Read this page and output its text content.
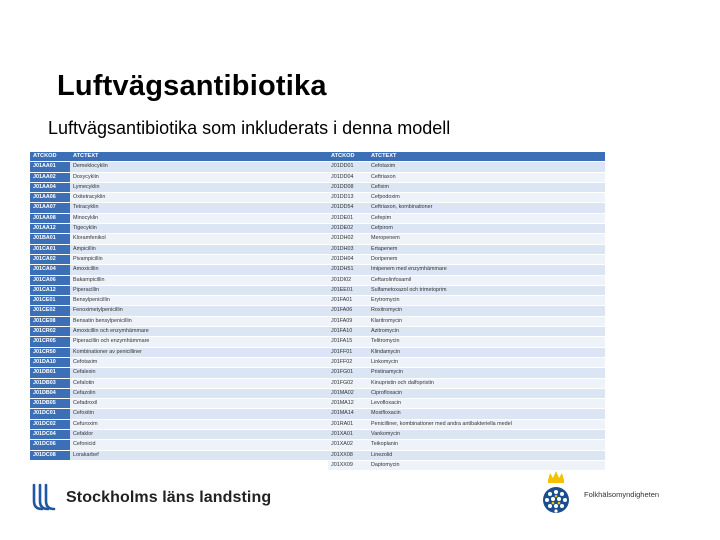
Luftvägsantibiotika

Luftvägsantibiotika som inkluderats i denna modell

ATCKOD	ATCTEXT
J01AA01	Demeklocyklin
J01AA02	Doxycyklin
J01AA04	Lymecyklin
J01AA06	Oxitetracyklin
J01AA07	Tetracyklin
J01AA08	Minocyklin
J01AA12	Tigecyklin
J01BA01	Kloramfenikol
J01CA01	Ampicillin
J01CA02	Pivampicillin
J01CA04	Amoxicillin
J01CA06	Bakampicillin
J01CA12	Piperacillin
J01CE01	Bensylpenicillin
J01CE02	Fenoximetylpenicillin
J01CE08	Bensatin bensylpenicillin
J01CR02	Amoxicillin och enzymhämmare
J01CR05	Piperacillin och enzymhämmare
J01CR50	Kombinationer av penicilliner
J01DA10	Cefotaxim
J01DB01	Cefalexin
J01DB03	Cefalotin
J01DB04	Cefazolin
J01DB05	Cefadroxil
J01DC01	Cefoxitin
J01DC02	Cefuroxim
J01DC04	Cefaklor
J01DC06	Cefonicid
J01DC08	Lorakarbef
ATCKOD	ATCTEXT
J01DD01	Cefotaxim
J01DD04	Ceftriaxon
J01DD08	Cefixim
J01DD13	Cefpodoxim
J01DD54	Ceftriaxon, kombinationer
J01DE01	Cefepim
J01DE02	Cefpirom
J01DH02	Meropenem
J01DH03	Ertapenem
J01DH04	Doripenem
J01DH51	Imipenem med enzymhämmare
J01DI02	Ceftarolinfosamil
J01EE01	Sulfametoxazol och trimetoprim
J01FA01	Erytromycin
J01FA06	Roxitromycin
J01FA09	Klaritromycin
J01FA10	Azitromycin
J01FA15	Telitromycin
J01FF01	Klindamycin
J01FF02	Linkomycin
J01FG01	Pristinamycin
J01FG02	Kinupristin och dalfopristin
J01MA02	Ciprofloxacin
J01MA12	Levofloxacin
J01MA14	Moxifloxacin
J01RA01	Penicilliner, kombinationer med andra antibakteriella medel
J01XA01	Vankomycin
J01XA02	Teikoplanin
J01XX08	Linezolid
J01XX09	Daptomycin
Stockholms läns landsting	Folkhälsomyndigheten
